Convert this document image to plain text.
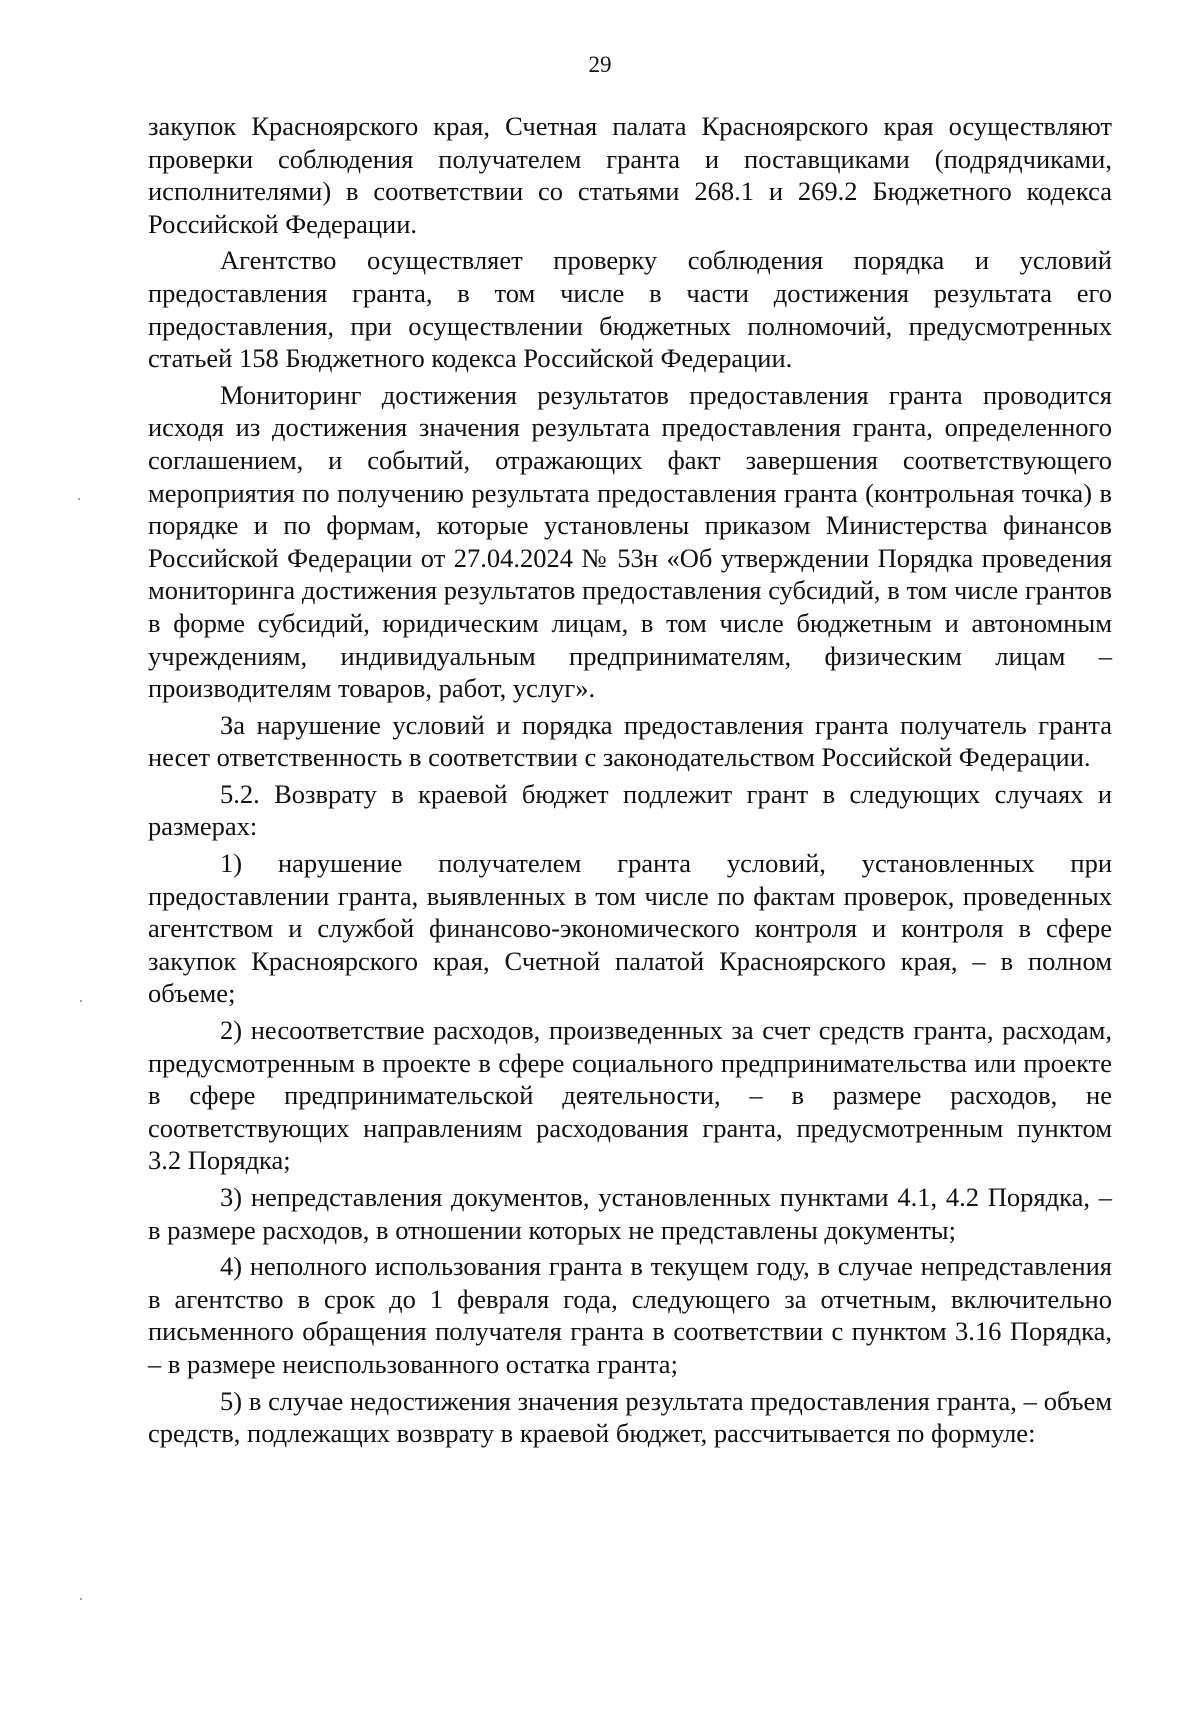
29

закупок Красноярского края, Счетная палата Красноярского края осуществляют проверки соблюдения получателем гранта и поставщиками (подрядчиками, исполнителями) в соответствии со статьями 268.1 и 269.2 Бюджетного кодекса Российской Федерации.

Агентство осуществляет проверку соблюдения порядка и условий предоставления гранта, в том числе в части достижения результата его предоставления, при осуществлении бюджетных полномочий, предусмотренных статьей 158 Бюджетного кодекса Российской Федерации.

Мониторинг достижения результатов предоставления гранта проводится исходя из достижения значения результата предоставления гранта, определенного соглашением, и событий, отражающих факт завершения соответствующего мероприятия по получению результата предоставления гранта (контрольная точка) в порядке и по формам, которые установлены приказом Министерства финансов Российской Федерации от 27.04.2024 № 53н «Об утверждении Порядка проведения мониторинга достижения результатов предоставления субсидий, в том числе грантов в форме субсидий, юридическим лицам, в том числе бюджетным и автономным учреждениям, индивидуальным предпринимателям, физическим лицам – производителям товаров, работ, услуг».

За нарушение условий и порядка предоставления гранта получатель гранта несет ответственность в соответствии с законодательством Российской Федерации.

5.2. Возврату в краевой бюджет подлежит грант в следующих случаях и размерах:

1) нарушение получателем гранта условий, установленных при предоставлении гранта, выявленных в том числе по фактам проверок, проведенных агентством и службой финансово-экономического контроля и контроля в сфере закупок Красноярского края, Счетной палатой Красноярского края, – в полном объеме;

2) несоответствие расходов, произведенных за счет средств гранта, расходам, предусмотренным в проекте в сфере социального предпринимательства или проекте в сфере предпринимательской деятельности, – в размере расходов, не соответствующих направлениям расходования гранта, предусмотренным пунктом 3.2 Порядка;

3) непредставления документов, установленных пунктами 4.1, 4.2 Порядка, – в размере расходов, в отношении которых не представлены документы;

4) неполного использования гранта в текущем году, в случае непредставления в агентство в срок до 1 февраля года, следующего за отчетным, включительно письменного обращения получателя гранта в соответствии с пунктом 3.16 Порядка, – в размере неиспользованного остатка гранта;

5) в случае недостижения значения результата предоставления гранта, – объем средств, подлежащих возврату в краевой бюджет, рассчитывается по формуле:
